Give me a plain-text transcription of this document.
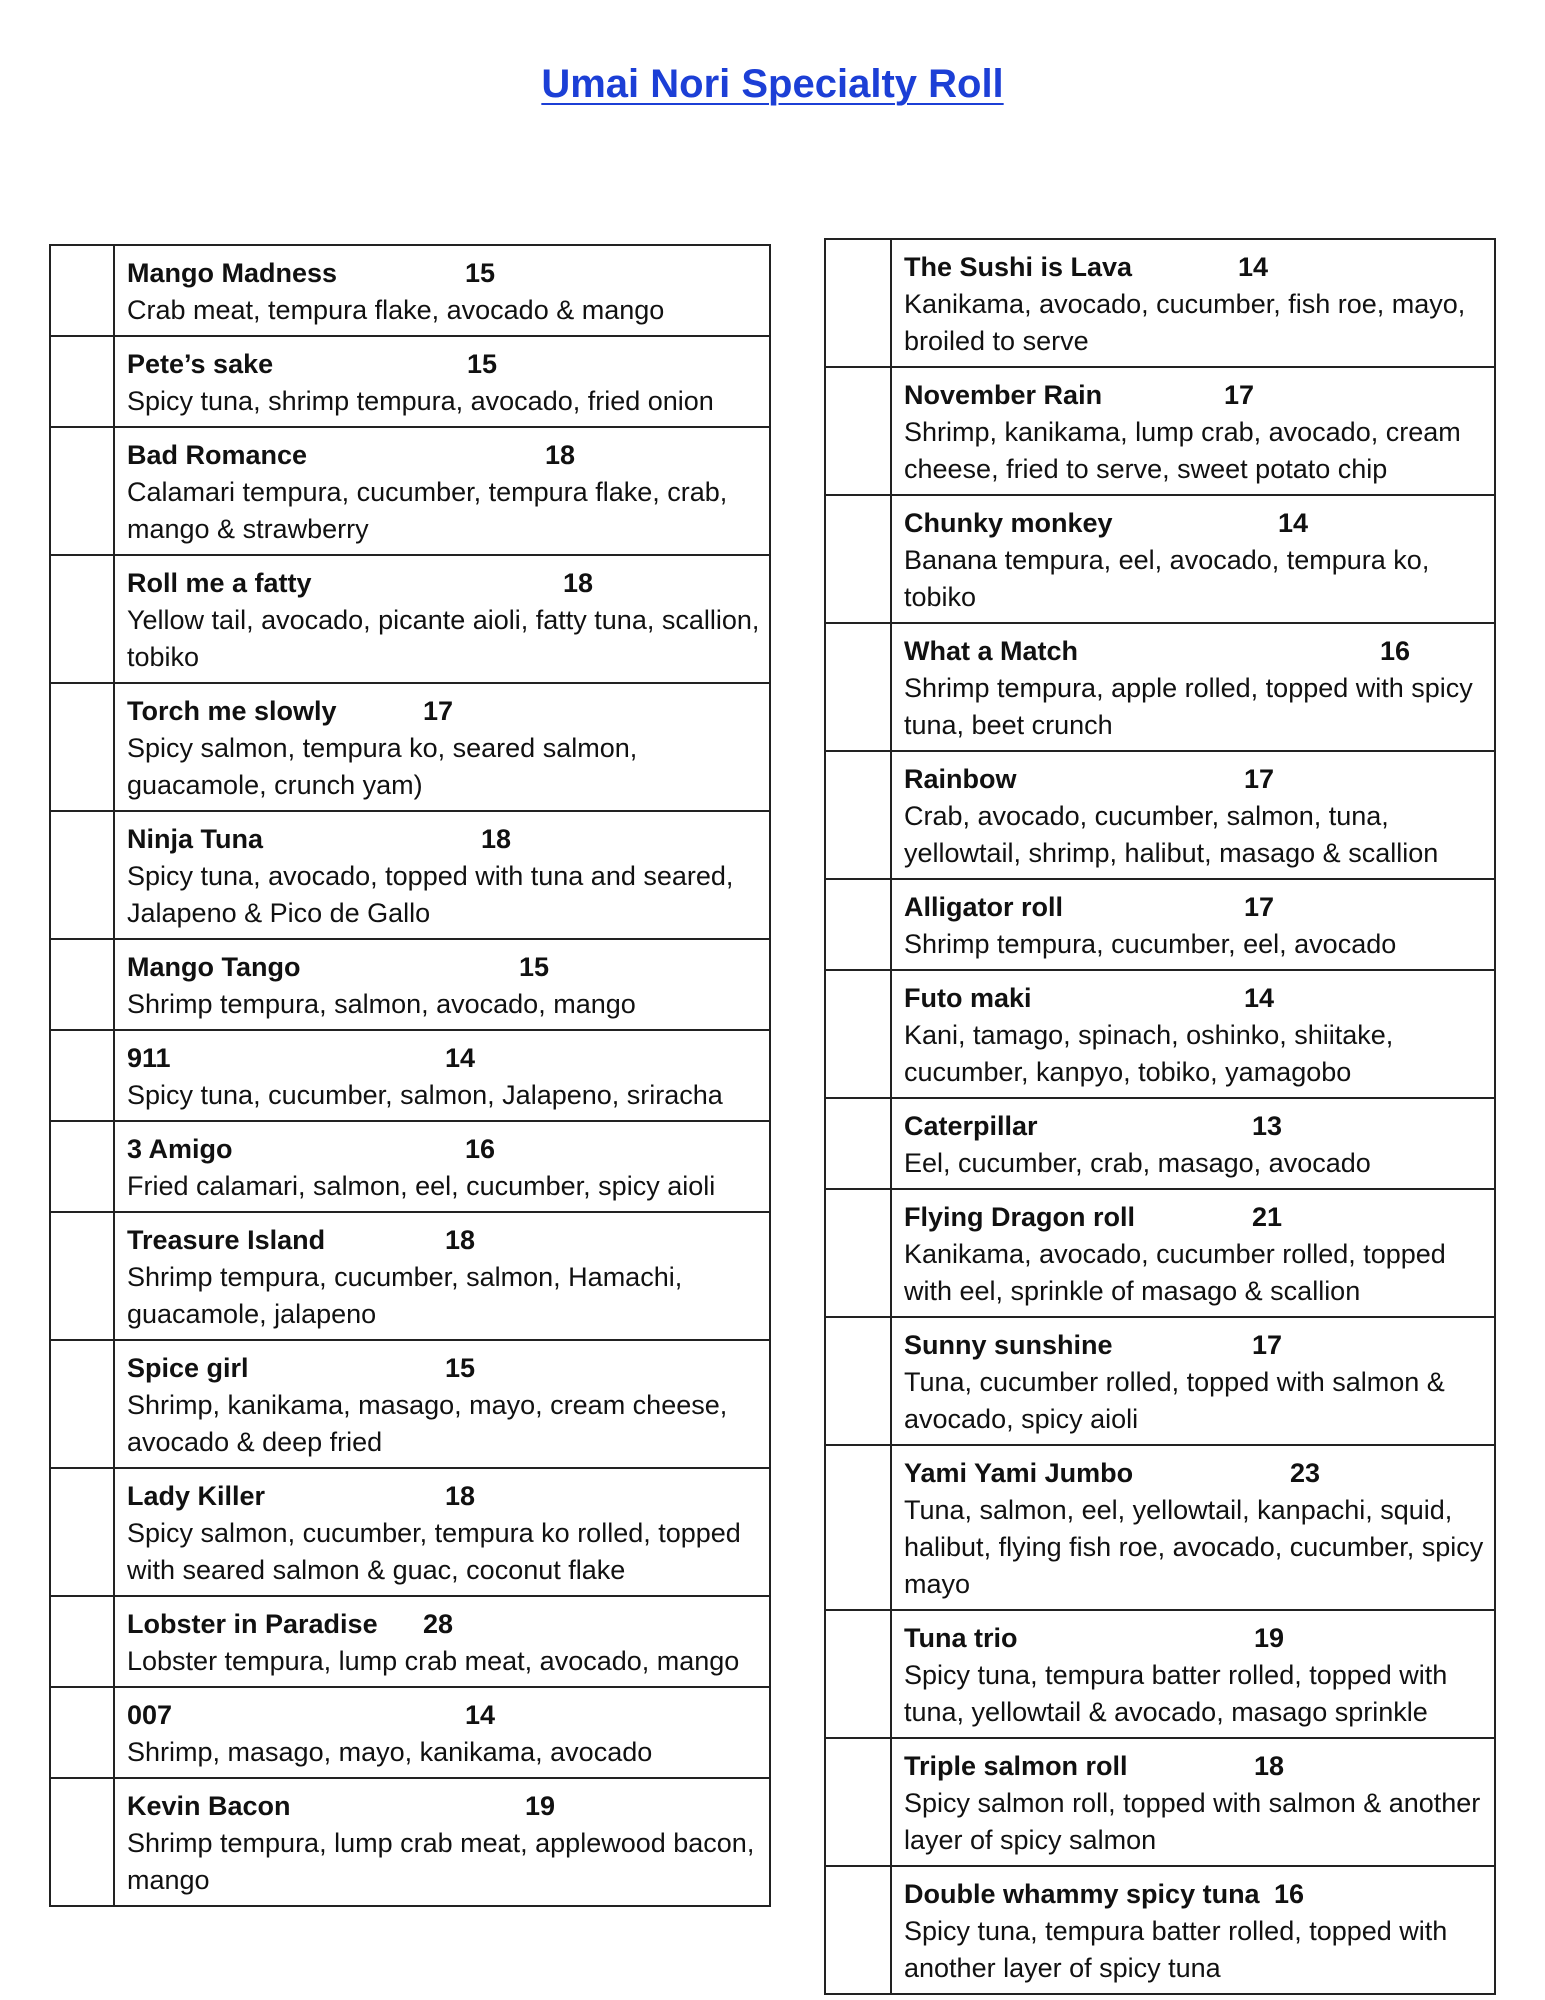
Umai Nori Specialty Roll

	Mango Madness 15
Crab meat, tempura flake, avocado & mango

	Pete’s sake 15
Spicy tuna, shrimp tempura, avocado, fried onion

	Bad Romance 18
Calamari tempura, cucumber, tempura flake, crab, mango & strawberry

	Roll me a fatty 18
Yellow tail, avocado, picante aioli, fatty tuna, scallion, tobiko

	Torch me slowly 17
Spicy salmon, tempura ko, seared salmon, guacamole, crunch yam)

	Ninja Tuna 18
Spicy tuna, avocado, topped with tuna and seared, Jalapeno & Pico de Gallo

	Mango Tango 15
Shrimp tempura, salmon, avocado, mango

	911 14
Spicy tuna, cucumber, salmon, Jalapeno, sriracha

	3 Amigo 16
Fried calamari, salmon, eel, cucumber, spicy aioli

	Treasure Island 18
Shrimp tempura, cucumber, salmon, Hamachi, guacamole, jalapeno

	Spice girl 15
Shrimp, kanikama, masago, mayo, cream cheese, avocado & deep fried

	Lady Killer 18
Spicy salmon, cucumber, tempura ko rolled, topped with seared salmon & guac, coconut flake

	Lobster in Paradise 28
Lobster tempura, lump crab meat, avocado, mango

	007 14
Shrimp, masago, mayo, kanikama, avocado

	Kevin Bacon 19
Shrimp tempura, lump crab meat, applewood bacon, mango

	The Sushi is Lava 14
Kanikama, avocado, cucumber, fish roe, mayo, broiled to serve

	November Rain 17
Shrimp, kanikama, lump crab, avocado, cream cheese, fried to serve, sweet potato chip

	Chunky monkey 14
Banana tempura, eel, avocado, tempura ko, tobiko

	What a Match 16
Shrimp tempura, apple rolled, topped with spicy tuna, beet crunch

	Rainbow 17
Crab, avocado, cucumber, salmon, tuna, yellowtail, shrimp, halibut, masago & scallion

	Alligator roll 17
Shrimp tempura, cucumber, eel, avocado

	Futo maki 14
Kani, tamago, spinach, oshinko, shiitake, cucumber, kanpyo, tobiko, yamagobo

	Caterpillar 13
Eel, cucumber, crab, masago, avocado

	Flying Dragon roll 21
Kanikama, avocado, cucumber rolled, topped with eel, sprinkle of masago & scallion

	Sunny sunshine 17
Tuna, cucumber rolled, topped with salmon & avocado, spicy aioli

	Yami Yami Jumbo 23
Tuna, salmon, eel, yellowtail, kanpachi, squid, halibut, flying fish roe, avocado, cucumber, spicy mayo

	Tuna trio 19
Spicy tuna, tempura batter rolled, topped with tuna, yellowtail & avocado, masago sprinkle

	Triple salmon roll 18
Spicy salmon roll, topped with salmon & another layer of spicy salmon

	Double whammy spicy tuna 16
Spicy tuna, tempura batter rolled, topped with another layer of spicy tuna
